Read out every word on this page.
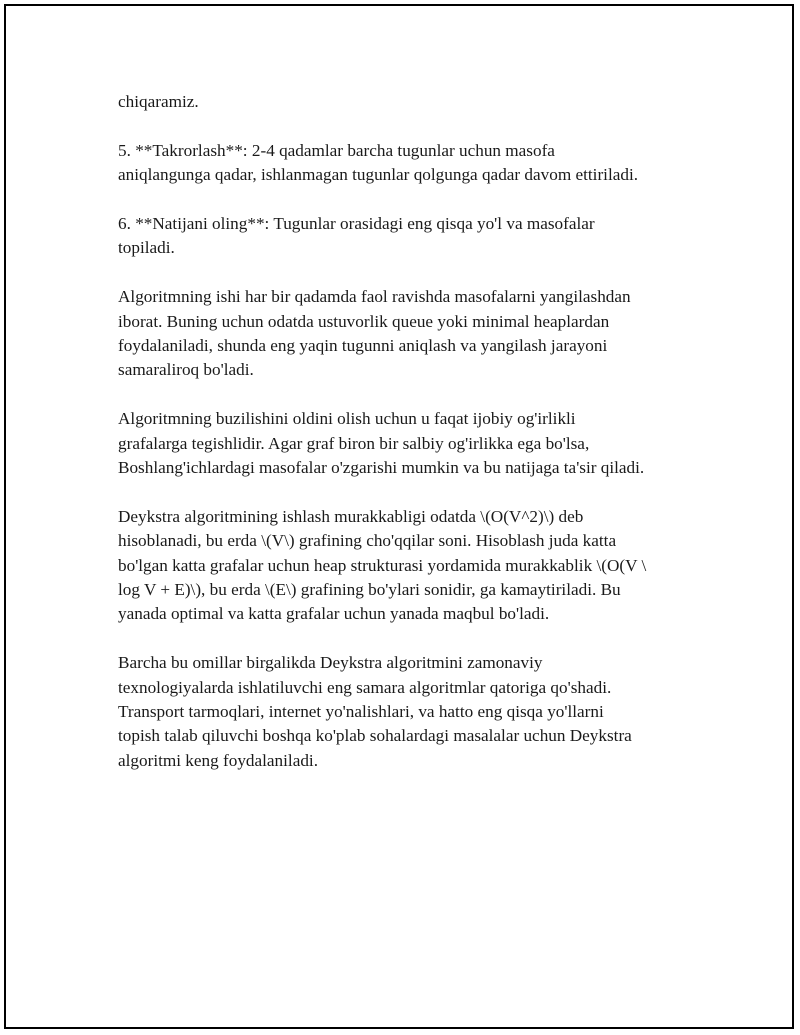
chiqaramiz.

5. **Takrorlash**: 2-4 qadamlar barcha tugunlar uchun masofa
aniqlangunga qadar, ishlanmagan tugunlar qolgunga qadar davom ettiriladi.

6. **Natijani oling**: Tugunlar orasidagi eng qisqa yo'l va masofalar
topiladi.

Algoritmning ishi har bir qadamda faol ravishda masofalarni yangilashdan
iborat. Buning uchun odatda ustuvorlik queue yoki minimal heaplardan
foydalaniladi, shunda eng yaqin tugunni aniqlash va yangilash jarayoni
samaraliroq bo'ladi.

Algoritmning buzilishini oldini olish uchun u faqat ijobiy og'irlikli
grafalarga tegishlidir. Agar graf biron bir salbiy og'irlikka ega bo'lsa,
Boshlang'ichlardagi masofalar o'zgarishi mumkin va bu natijaga ta'sir qiladi.

Deykstra algoritmining ishlash murakkabligi odatda \(O(V^2)\) deb
hisoblanadi, bu erda \(V\) grafining cho'qqilar soni. Hisoblash juda katta
bo'lgan katta grafalar uchun heap strukturasi yordamida murakkablik \(O(V \
log V + E)\), bu erda \(E\) grafining bo'ylari sonidir, ga kamaytiriladi. Bu
yanada optimal va katta grafalar uchun yanada maqbul bo'ladi.

Barcha bu omillar birgalikda Deykstra algoritmini zamonaviy
texnologiyalarda ishlatiluvchi eng samara algoritmlar qatoriga qo'shadi.
Transport tarmoqlari, internet yo'nalishlari, va hatto eng qisqa yo'llarni
topish talab qiluvchi boshqa ko'plab sohalardagi masalalar uchun Deykstra
algoritmi keng foydalaniladi.
